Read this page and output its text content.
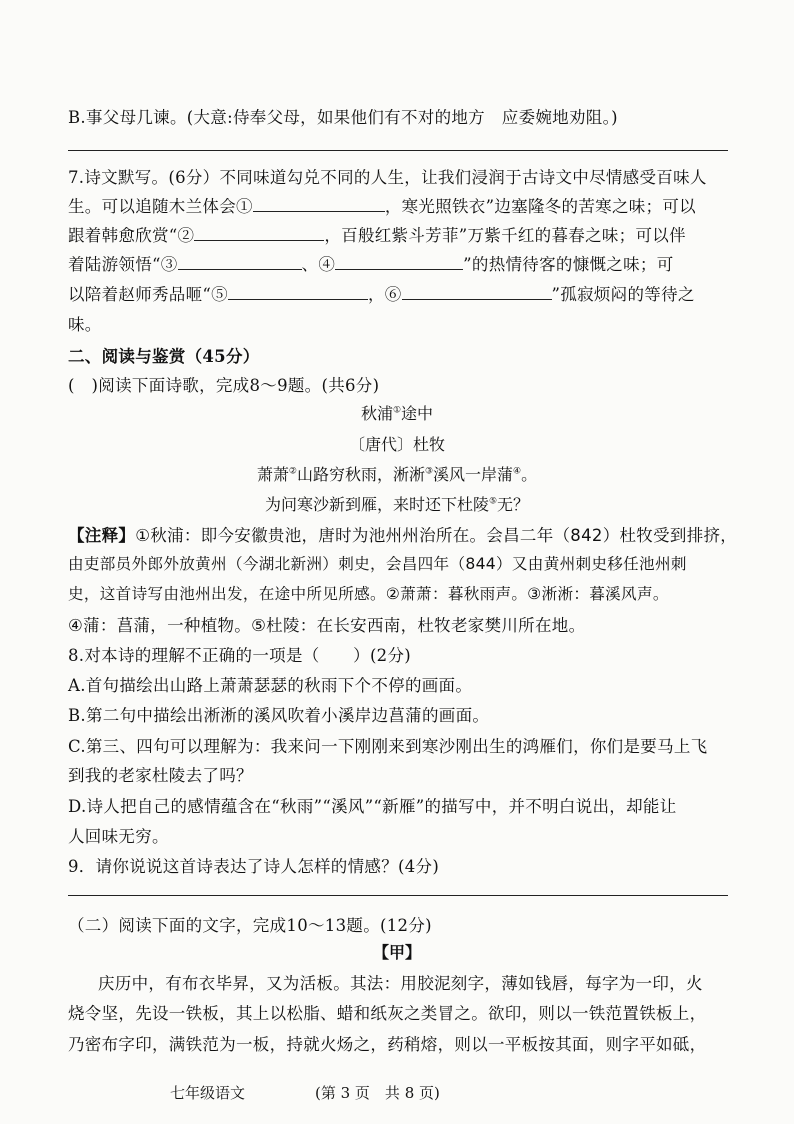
B.事父母几谏。(大意:侍奉父母，如果他们有不对的地方　应委婉地劝阻。)
7.诗文默写。(6分）不同味道勾兑不同的人生，让我们浸润于古诗文中尽情感受百味人
生。可以追随木兰体会①	，寒光照铁衣”边塞隆冬的苦寒之味；可以
跟着韩愈欣赏“②	，百般红紫斗芳菲”万紫千红的暮春之味；可以伴
着陆游领悟“③	、④	”的热情待客的慷慨之味；可
以陪着赵师秀品咂“⑤	，⑥	”孤寂烦闷的等待之
味。
二、阅读与鉴赏（45分）
(　)阅读下面诗歌，完成8～9题。(共6分)
秋浦①途中
〔唐代〕杜牧
萧萧②山路穷秋雨，淅淅③溪风一岸蒲④。
为问寒沙新到雁，来时还下杜陵⑤无？
【注释】①秋浦：即今安徽贵池，唐时为池州州治所在。会昌二年（842）杜牧受到排挤，
由吏部员外郎外放黄州（今湖北新洲）刺史，会昌四年（844）又由黄州刺史移任池州刺
史，这首诗写由池州出发，在途中所见所感。②萧萧：暮秋雨声。③淅淅：暮溪风声。
④蒲：菖蒲，一种植物。⑤杜陵：在长安西南，杜牧老家樊川所在地。
8.对本诗的理解不正确的一项是（　　）(2分)
A.首句描绘出山路上萧萧瑟瑟的秋雨下个不停的画面。
B.第二句中描绘出淅淅的溪风吹着小溪岸边菖蒲的画面。
C.第三、四句可以理解为：我来问一下刚刚来到寒沙刚出生的鸿雁们，你们是要马上飞
到我的老家杜陵去了吗？
D.诗人把自己的感情蕴含在“秋雨”“溪风”“新雁”的描写中，并不明白说出，却能让
人回味无穷。
9．请你说说这首诗表达了诗人怎样的情感？(4分)
（二）阅读下面的文字，完成10～13题。(12分)
【甲】
庆历中，有布衣毕昇，又为活板。其法：用胶泥刻字，薄如钱唇，每字为一印，火
烧令坚，先设一铁板，其上以松脂、蜡和纸灰之类冒之。欲印，则以一铁范置铁板上，
乃密布字印，满铁范为一板，持就火炀之，药稍熔，则以一平板按其面，则字平如砥，
七年级语文	(第 3 页　共 8 页)
